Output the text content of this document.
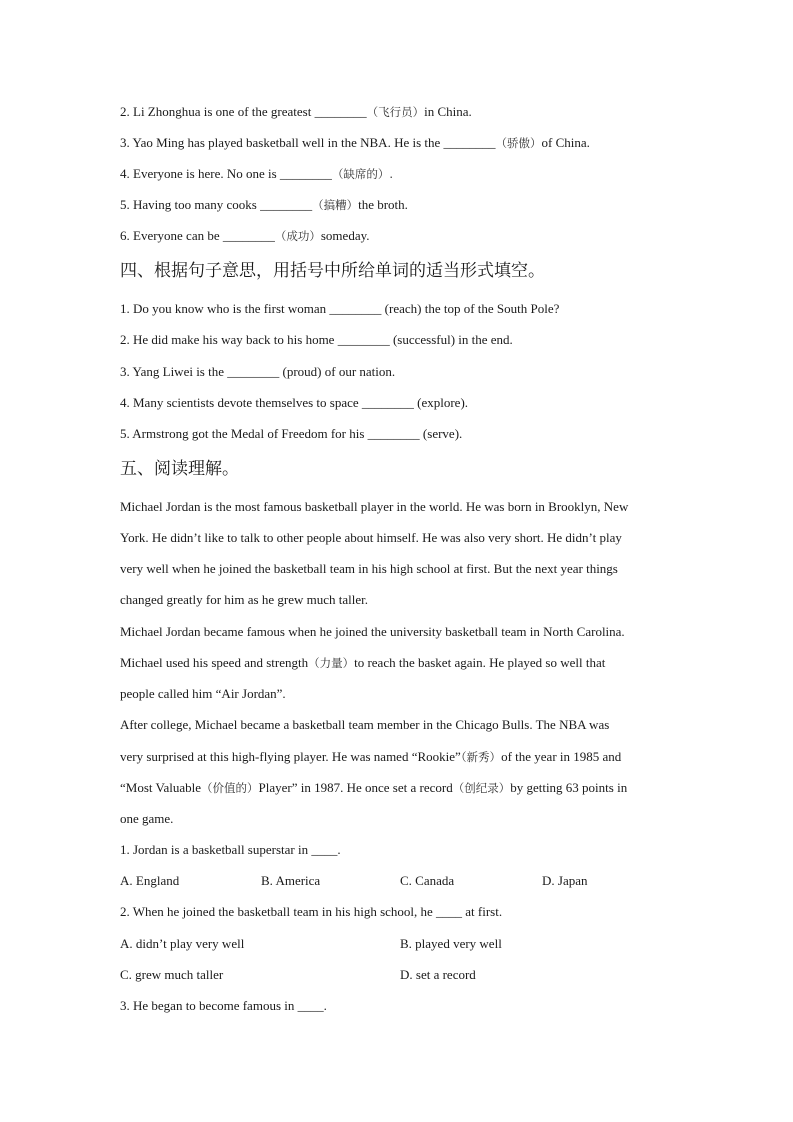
2. Li Zhonghua is one of the greatest ________（飞行员）in China.
3. Yao Ming has played basketball well in the NBA. He is the ________（骄傲）of China.
4. Everyone is here. No one is ________（缺席的）.
5. Having too many cooks ________（搞糟）the broth.
6. Everyone can be ________（成功）someday.
四、根据句子意思，用括号中所给单词的适当形式填空。
1. Do you know who is the first woman ________ (reach) the top of the South Pole?
2. He did make his way back to his home ________ (successful) in the end.
3. Yang Liwei is the ________ (proud) of our nation.
4. Many scientists devote themselves to space ________ (explore).
5. Armstrong got the Medal of Freedom for his ________ (serve).
五、阅读理解。
Michael Jordan is the most famous basketball player in the world. He was born in Brooklyn, New
York. He didn’t like to talk to other people about himself. He was also very short. He didn’t play
very well when he joined the basketball team in his high school at first. But the next year things
changed greatly for him as he grew much taller.
Michael Jordan became famous when he joined the university basketball team in North Carolina.
Michael used his speed and strength（力量）to reach the basket again. He played so well that
people called him “Air Jordan”.
After college, Michael became a basketball team member in the Chicago Bulls. The NBA was
very surprised at this high-flying player. He was named “Rookie”（新秀）of the year in 1985 and
“Most Valuable（价值的）Player” in 1987. He once set a record（创纪录）by getting 63 points in
one game.
1. Jordan is a basketball superstar in ____.
A. England	B. America	C. Canada	D. Japan
2. When he joined the basketball team in his high school, he ____ at first.
A. didn’t play very well	B. played very well
C. grew much taller	D. set a record
3. He began to become famous in ____.
